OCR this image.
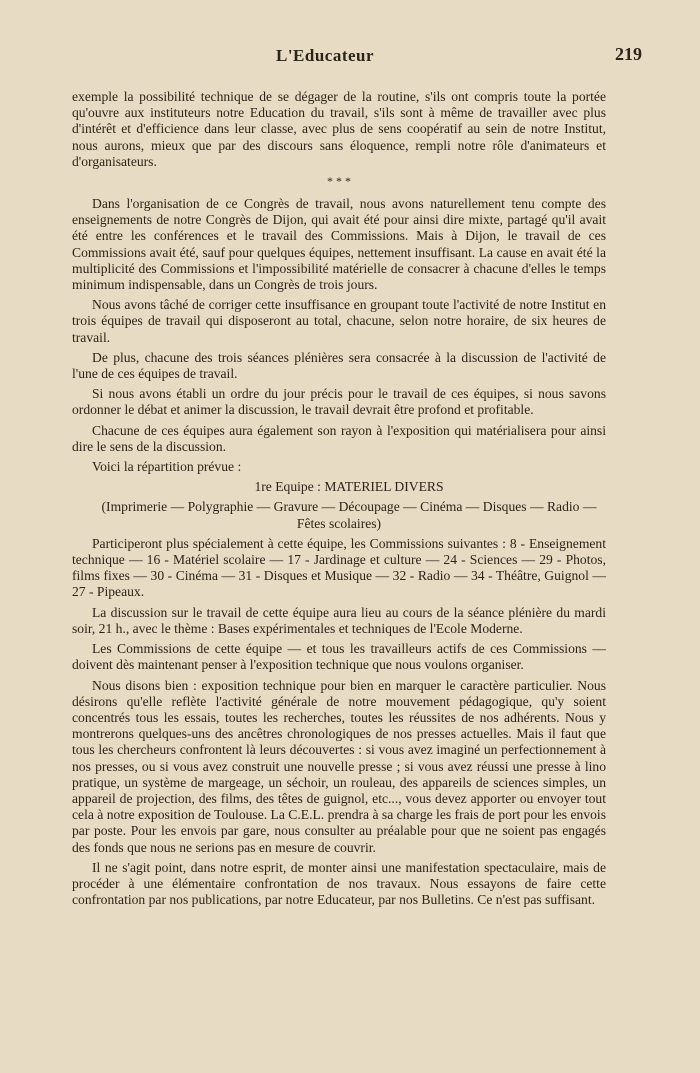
L'Educateur	219

exemple la possibilité technique de se dégager de la routine, s'ils ont compris toute la portée qu'ouvre aux instituteurs notre Education du travail, s'ils sont à même de travailler avec plus d'intérêt et d'efficience dans leur classe, avec plus de sens coopératif au sein de notre Institut, nous aurons, mieux que par des discours sans éloquence, rempli notre rôle d'animateurs et d'organisateurs.

* * *

Dans l'organisation de ce Congrès de travail, nous avons naturellement tenu compte des enseignements de notre Congrès de Dijon, qui avait été pour ainsi dire mixte, partagé qu'il avait été entre les conférences et le travail des Commissions. Mais à Dijon, le travail de ces Commissions avait été, sauf pour quelques équipes, nettement insuffisant. La cause en avait été la multiplicité des Commissions et l'impossibilité matérielle de consacrer à chacune d'elles le temps minimum indispensable, dans un Congrès de trois jours.

Nous avons tâché de corriger cette insuffisance en groupant toute l'activité de notre Institut en trois équipes de travail qui disposeront au total, chacune, selon notre horaire, de six heures de travail.

De plus, chacune des trois séances plénières sera consacrée à la discussion de l'activité de l'une de ces équipes de travail.

Si nous avons établi un ordre du jour précis pour le travail de ces équipes, si nous savons ordonner le débat et animer la discussion, le travail devrait être profond et profitable.

Chacune de ces équipes aura également son rayon à l'exposition qui matérialisera pour ainsi dire le sens de la discussion.

Voici la répartition prévue :

1re Equipe : MATERIEL DIVERS

(Imprimerie — Polygraphie — Gravure — Découpage — Cinéma — Disques — Radio — Fêtes scolaires)

Participeront plus spécialement à cette équipe, les Commissions suivantes : 8 - Enseignement technique — 16 - Matériel scolaire — 17 - Jardinage et culture — 24 - Sciences — 29 - Photos, films fixes — 30 - Cinéma — 31 - Disques et Musique — 32 - Radio — 34 - Théâtre, Guignol — 27 - Pipeaux.

La discussion sur le travail de cette équipe aura lieu au cours de la séance plénière du mardi soir, 21 h., avec le thème : Bases expérimentales et techniques de l'Ecole Moderne.

Les Commissions de cette équipe — et tous les travailleurs actifs de ces Commissions — doivent dès maintenant penser à l'exposition technique que nous voulons organiser.

Nous disons bien : exposition technique pour bien en marquer le caractère particulier. Nous désirons qu'elle reflète l'activité générale de notre mouvement pédagogique, qu'y soient concentrés tous les essais, toutes les recherches, toutes les réussites de nos adhérents. Nous y montrerons quelques-uns des ancêtres chronologiques de nos presses actuelles. Mais il faut que tous les chercheurs confrontent là leurs découvertes : si vous avez imaginé un perfectionnement à nos presses, ou si vous avez construit une nouvelle presse ; si vous avez réussi une presse à lino pratique, un système de margeage, un séchoir, un rouleau, des appareils de sciences simples, un appareil de projection, des films, des têtes de guignol, etc..., vous devez apporter ou envoyer tout cela à notre exposition de Toulouse. La C.E.L. prendra à sa charge les frais de port pour les envois par poste. Pour les envois par gare, nous consulter au préalable pour que ne soient pas engagés des fonds que nous ne serions pas en mesure de couvrir.

Il ne s'agit point, dans notre esprit, de monter ainsi une manifestation spectaculaire, mais de procéder à une élémentaire confrontation de nos travaux. Nous essayons de faire cette confrontation par nos publications, par notre Educateur, par nos Bulletins. Ce n'est pas suffisant.
